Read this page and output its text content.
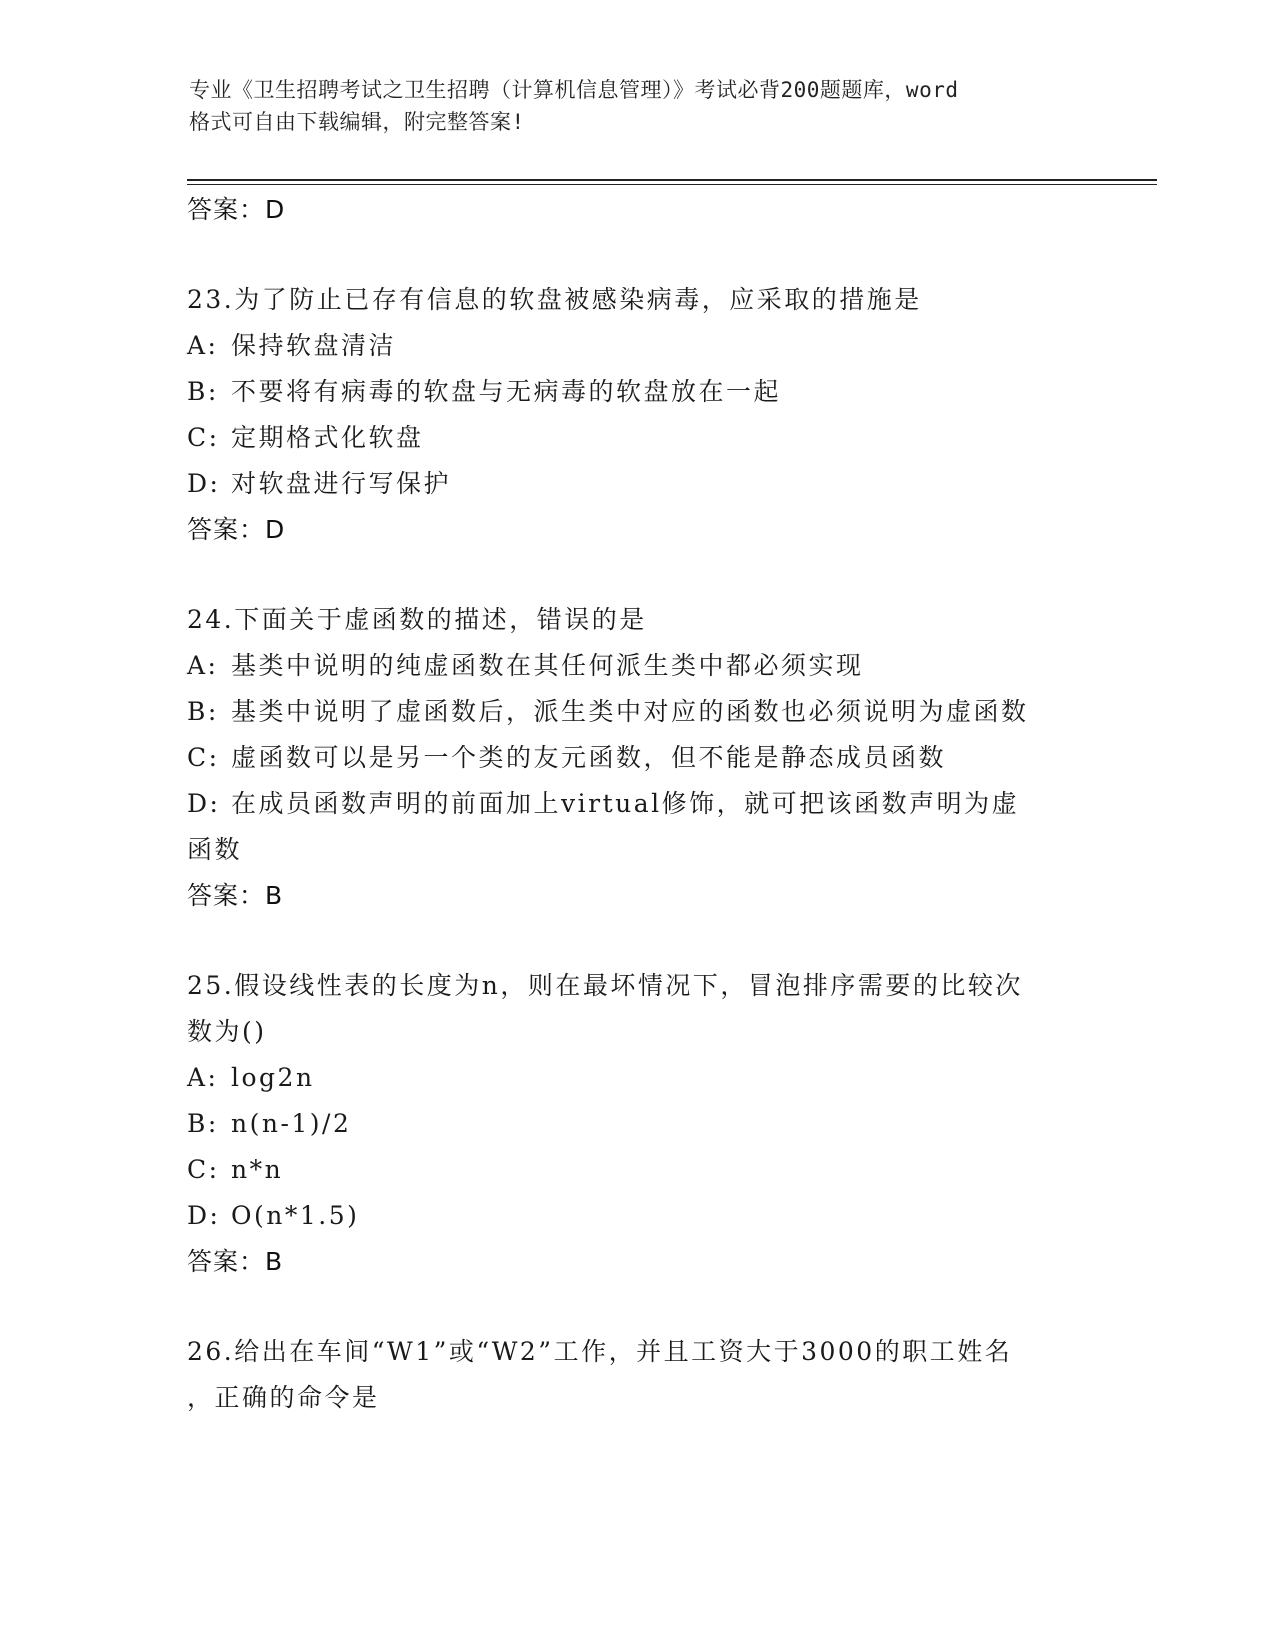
专业《卫生招聘考试之卫生招聘（计算机信息管理）》考试必背200题题库，word
格式可自由下载编辑，附完整答案!
答案：D
23.为了防止已存有信息的软盘被感染病毒，应采取的措施是
A: 保持软盘清洁
B: 不要将有病毒的软盘与无病毒的软盘放在一起
C: 定期格式化软盘
D: 对软盘进行写保护
答案：D
24.下面关于虚函数的描述，错误的是
A: 基类中说明的纯虚函数在其任何派生类中都必须实现
B: 基类中说明了虚函数后，派生类中对应的函数也必须说明为虚函数
C: 虚函数可以是另一个类的友元函数，但不能是静态成员函数
D: 在成员函数声明的前面加上virtual修饰，就可把该函数声明为虚
函数
答案：B
25.假设线性表的长度为n，则在最坏情况下，冒泡排序需要的比较次
数为()
A: log2n
B: n(n-1)/2
C: n*n
D: O(n*1.5)
答案：B
26.给出在车间“W1”或“W2”工作，并且工资大于3000的职工姓名
，正确的命令是
